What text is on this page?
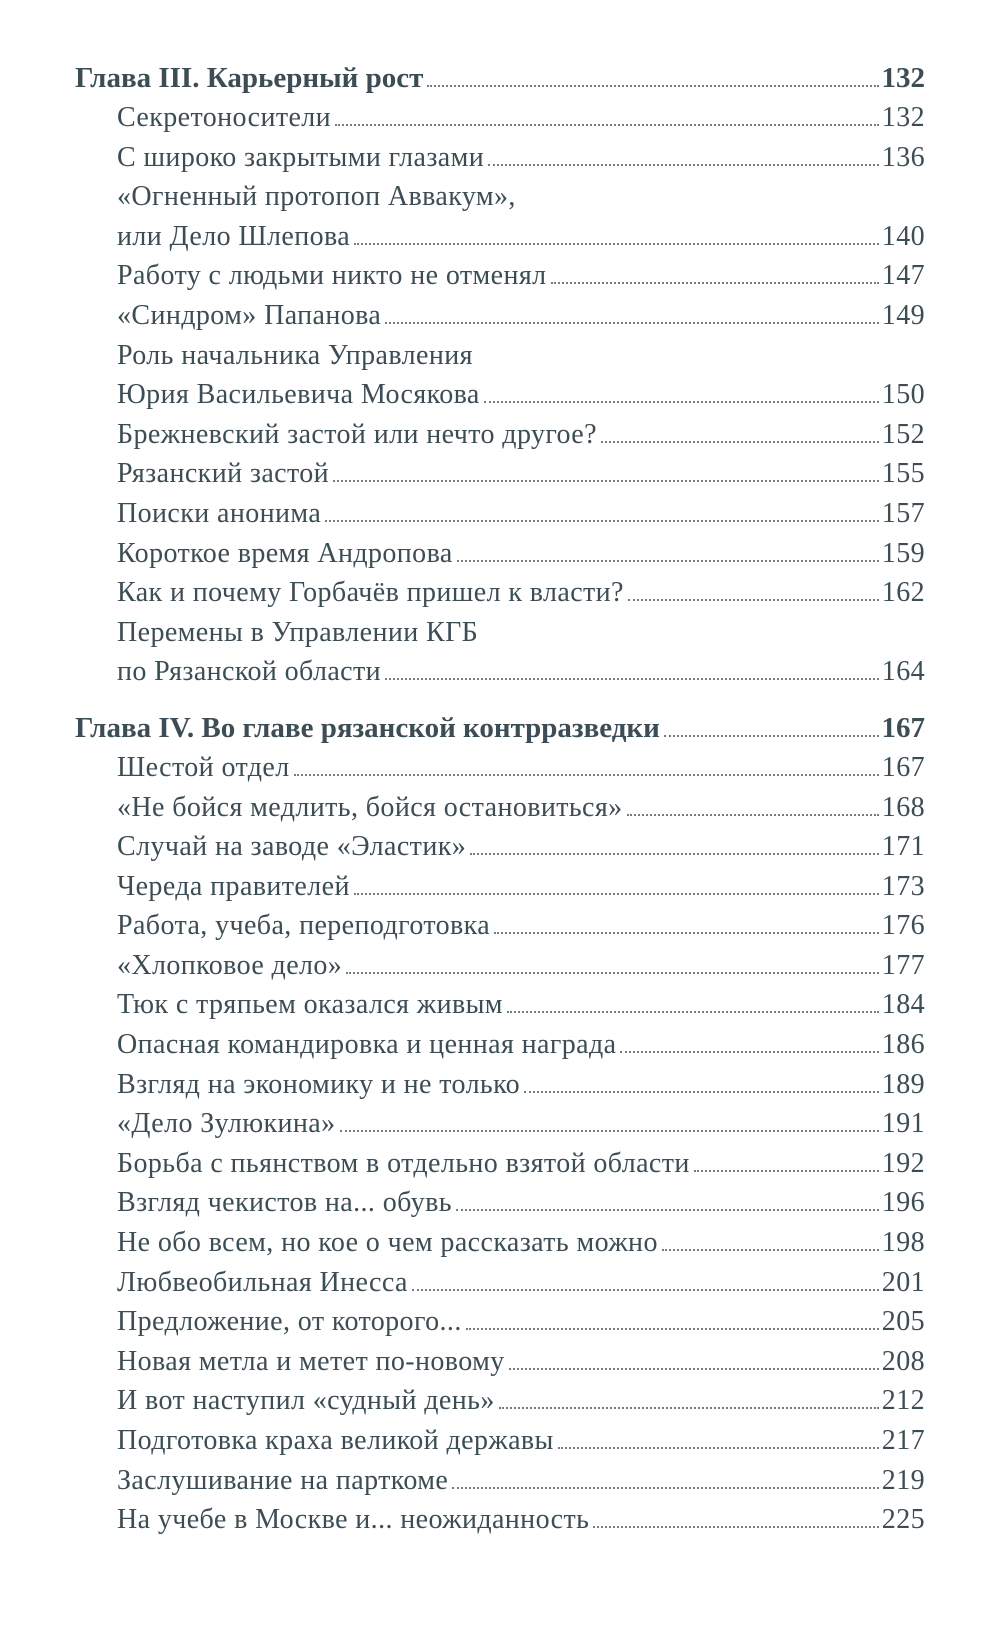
Глава III. Карьерный рост	132
Секретоносители	132
С широко закрытыми глазами	136
«Огненный протопоп Аввакум»,
или Дело Шлепова	140
Работу с людьми никто не отменял	147
«Синдром» Папанова	149
Роль начальника Управления
Юрия Васильевича Мосякова	150
Брежневский застой или нечто другое?	152
Рязанский застой	155
Поиски анонима	157
Короткое время Андропова	159
Как и почему Горбачёв пришел к власти?	162
Перемены в Управлении КГБ
по Рязанской области	164
Глава IV. Во главе рязанской контрразведки	167
Шестой отдел	167
«Не бойся медлить, бойся остановиться»	168
Случай на заводе «Эластик»	171
Череда правителей	173
Работа, учеба, переподготовка	176
«Хлопковое дело»	177
Тюк с тряпьем оказался живым	184
Опасная командировка и ценная награда	186
Взгляд на экономику и не только	189
«Дело Зулюкина»	191
Борьба с пьянством в отдельно взятой области	192
Взгляд чекистов на... обувь	196
Не обо всем, но кое о чем рассказать можно	198
Любвеобильная Инесса	201
Предложение, от которого...	205
Новая метла и метет по-новому	208
И вот наступил «судный день»	212
Подготовка краха великой державы	217
Заслушивание на парткоме	219
На учебе в Москве и... неожиданность	225
